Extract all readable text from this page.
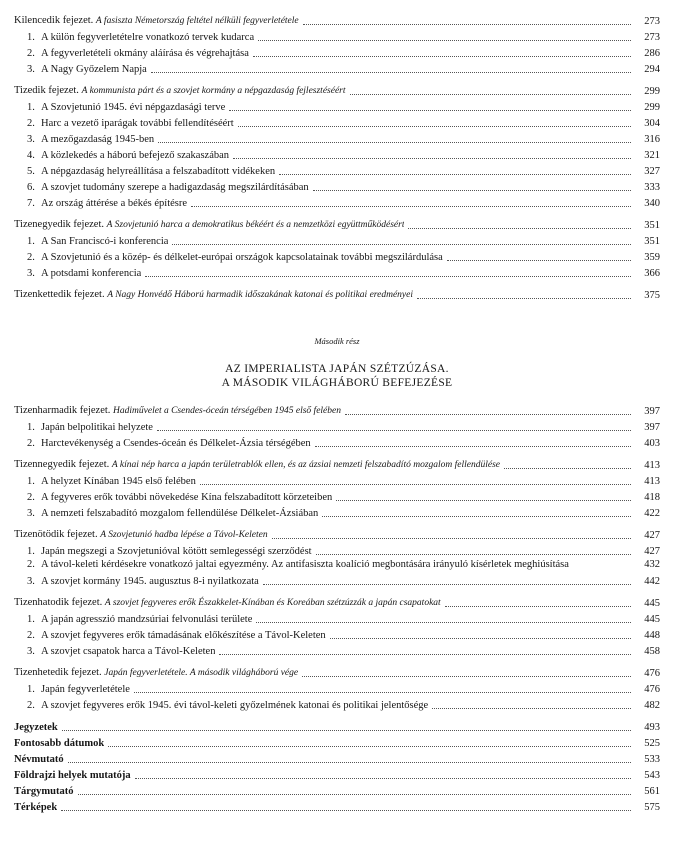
Kilencedik fejezet. A fasiszta Németország feltétel nélküli fegyverletétele	273
1. A külön fegyverletételre vonatkozó tervek kudarca	273
2. A fegyverletételi okmány aláírása és végrehajtása	286
3. A Nagy Győzelem Napja	294
Tizedik fejezet. A kommunista párt és a szovjet kormány a népgazdaság fejlesztéséért	299
1. A Szovjetunió 1945. évi népgazdasági terve	299
2. Harc a vezető iparágak további fellendítéséért	304
3. A mezőgazdaság 1945-ben	316
4. A közlekedés a háború befejező szakaszában	321
5. A népgazdaság helyreállítása a felszabadított vidékeken	327
6. A szovjet tudomány szerepe a hadigazdaság megszilárdításában	333
7. Az ország áttérése a békés építésre	340
Tizenegyedik fejezet. A Szovjetunió harca a demokratikus békéért és a nemzetközi együttműködésért	351
1. A San Franciscó-i konferencia	351
2. A Szovjetunió és a közép- és délkelet-európai országok kapcsolatainak további megszilárdulása	359
3. A potsdami konferencia	366
Tizenkettedik fejezet. A Nagy Honvédő Háború harmadik időszakának katonai és politikai eredményei	375
Második rész
AZ IMPERIALISTA JAPÁN SZÉTZÚZÁSA.
A MÁSODIK VILÁGHÁBORÚ BEFEJEZÉSE
Tizenharmadik fejezet. Hadiművelet a Csendes-óceán térségében 1945 első felében	397
1. Japán belpolitikai helyzete	397
2. Harctevékenység a Csendes-óceán és Délkelet-Ázsia térségében	403
Tizennegyedik fejezet. A kínai nép harca a japán területrablók ellen, és az ázsiai nemzeti felszabadító mozgalom fellendülése	413
1. A helyzet Kínában 1945 első felében	413
2. A fegyveres erők további növekedése Kína felszabadított körzeteiben	418
3. A nemzeti felszabadító mozgalom fellendülése Délkelet-Ázsiában	422
Tizenötödik fejezet. A Szovjetunió hadba lépése a Távol-Keleten	427
1. Japán megszegi a Szovjetunióval kötött semlegességi szerződést	427
2. A távol-keleti kérdésekre vonatkozó jaltai egyezmény. Az antifasiszta koalíció megbontására irányuló kísérletek meghiúsítása	432
3. A szovjet kormány 1945. augusztus 8-i nyilatkozata	442
Tizenhatodik fejezet. A szovjet fegyveres erők Északkelet-Kínában és Koreában szétzúzzák a japán csapatokat	445
1. A japán agresszió mandzsúriai felvonulási területe	445
2. A szovjet fegyveres erők támadásának előkészítése a Távol-Keleten	448
3. A szovjet csapatok harca a Távol-Keleten	458
Tizenhetedik fejezet. Japán fegyverletétele. A második világháború vége	476
1. Japán fegyverletétele	476
2. A szovjet fegyveres erők 1945. évi távol-keleti győzelmének katonai és politikai jelentősége	482
Jegyzetek	493
Fontosabb dátumok	525
Névmutató	533
Földrajzi helyek mutatója	543
Tárgymutató	561
Térképek	575
